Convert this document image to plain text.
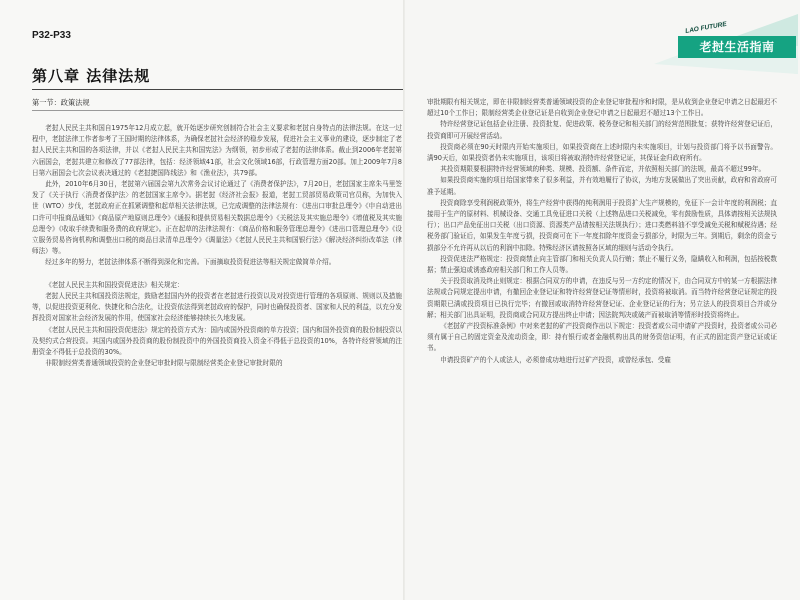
P32-P33
第八章 法律法规
第一节：政策法规

老挝人民民主共和国自1975年12月成立起，就开始逐步研究创制符合社会主义要求和老挝自身特点的法律法规。在这一过程中，老挝法律工作者参考了王国时期的法律体系，为确保老挝社会经济的稳步发展，促进社会主义事业的建设，逐步制定了老挝人民民主共和国的各项法律，并以《老挝人民民主共和国宪法》为纲领，初步形成了老挝的法律体系。截止到2006年老挝第六届国会，老挝共建立和修改了77部法律，包括：经济领域41部，社会文化领域16部，行政管理方面20部。加上2009年7月8日第六届国会七次会议表决通过的《老挝捷国阵线法》和《渔业法》，共79部。

此外，2010年6月30日，老挝第六届国会第九次常务会议讨论通过了《消费者保护法》，7月20日，老挝国家主席朱马里签发了《关于执行〈消费者保护法〉的老挝国家主席令》。据老挝《经济社会报》报道，老挝工贸部贸易政策司官员称，为加快入世（WTO）步伐，老挝政府正在抓紧调整和起草相关法律法规，已完成调整的法律法规有：《进出口审批总理令》《申自动进出口许可申报商品通知》《商品原产地原则总理令》《通报和提供贸易相关数据总理令》《关税法及其实施总理令》《增值税及其实施总理令》《收取手续费和服务费的政府规定》。正在起草的法律法规有：《商品价格和服务管理总理令》《进出口管理总理令》《设立服务贸易咨询机构和调整出口税的商品目录清单总理令》《调量法》《老挝人民民主共和国银行法》《解决经济纠纷改革法（律师法）等。

经过多年的努力，老挝法律体系不断得到深化和完善。下面摘取投资促进法等相关规定做简单介绍。

《老挝人民民主共和国投资促进法》相关规定：

老挝人民民主共和国投资法规定，鼓励老挝国内外的投资者在老挝进行投资以及对投资进行管理的各项原则、规则以及措施等，以促进投资更利化、快捷化和合法化，让投资依法得到老挝政府的保护，同时也确保投资者、国家和人民的利益，以充分发挥投资对国家社会经济发展的作用，使国家社会经济能够持续长久地发展。

《老挝人民民主共和国投资促进法》规定的投资方式为：国内或国外投资商的单方投资；国内和国外投资商的股份制投资以及契约式合营投资。其国内或国外投资商的股份制投资中的外国投资商投入资金不得低于总投资的10%，各特许经营领域的注册资金不得低于总投资的30%。

非限制经营类普通领域投资的企业登记审批时限与限制经营类企业登记审批时限的

审批期限有相关规定，即在非限制经营类普通领域投资的企业登记审批程序和时限，是从收到企业登记申请之日起最迟不超过10个工作日；限制经营类企业登记证是自收到企业登记申请之日起最迟不超过13个工作日。

特许经营登记证包括企业注册、投资批复、促进政策、税务登记和相关部门的经营范围批复；获特许经营登记证后，投资商即可开展经营活动。

投资商必须在90天时限内开始实施项目，如果投资商在上述时限内未实施项目，计划与投资部门将予以书面警告。满90天后，如果投资者仍未实施项目，该项目将被取消特许经营登记证，其保证金归政府所有。

其投资期限要根据特许经营领域的种类、规模、投资额、条件而定，并依照相关部门的法规，最高不超过99年。

如果投资商实施的项目给国家带来了很多利益，并有效地履行了协议，为地方发展做出了突出贡献，政府和省政府可准予延期。

投资商除享受利润税政策外，将生产经营中获得的纯利润用于投资扩大生产规模的，免征下一会计年度的利润税；直接用于生产的原材料、机械设备、交通工具免征进口关税（上述物品进口关税减免，零有鼓励性质，具体请按相关法规执行）；出口产品免征出口关税（出口资源、资源类产品请按相关法规执行）；进口类燃料油不享受减免关税和赋税待遇；经税务部门验证后，如果发生年度亏损，投资商可在下一年度扣除年度资金亏损部分，时限为三年。到期后，剩余的资金亏损部分不允许再从以后的利润中扣除。特殊经济区请按照各区域的细则与活动令执行。

投资促进法严格规定：投资商禁止向主管部门和相关负责人员行贿；禁止不履行义务，隐瞒收入和利润，包括按税数据；禁止强迫或诱惑政府相关部门和工作人员等。

关于投资取消及终止则规定：根据合同双方的申请，在违反与另一方约定的情况下，由合同双方中的某一方根据法律法规或合同规定提出申请，有撤回企业登记证和特许经营登记证等情形时，投资将被取消。而当特许经营登记证规定的投资期限已满或投资项目已执行完毕；有撤回或取消特许经营登记证、企业登记证的行为；另立法人的投资项目合并或分解；相关部门出具证明，投资商或合同双方提出终止申请；因法院判决或破产而被取消等情形时投资将终止。

《老挝矿产投资标准条例》中对来老挝的矿产投资商作出以下规定：投资者或公司申请矿产投资时，投资者或公司必须有属于自己的固定资金及流动资金，即：持有银行或者金融机构出具的财务资信证明，有正式的固定资产登记证或证书。

申请投资矿产的个人或法人，必须曾成功地进行过矿产投资，或曾经承包、受雇

LAO FUTURE
老挝生活指南
